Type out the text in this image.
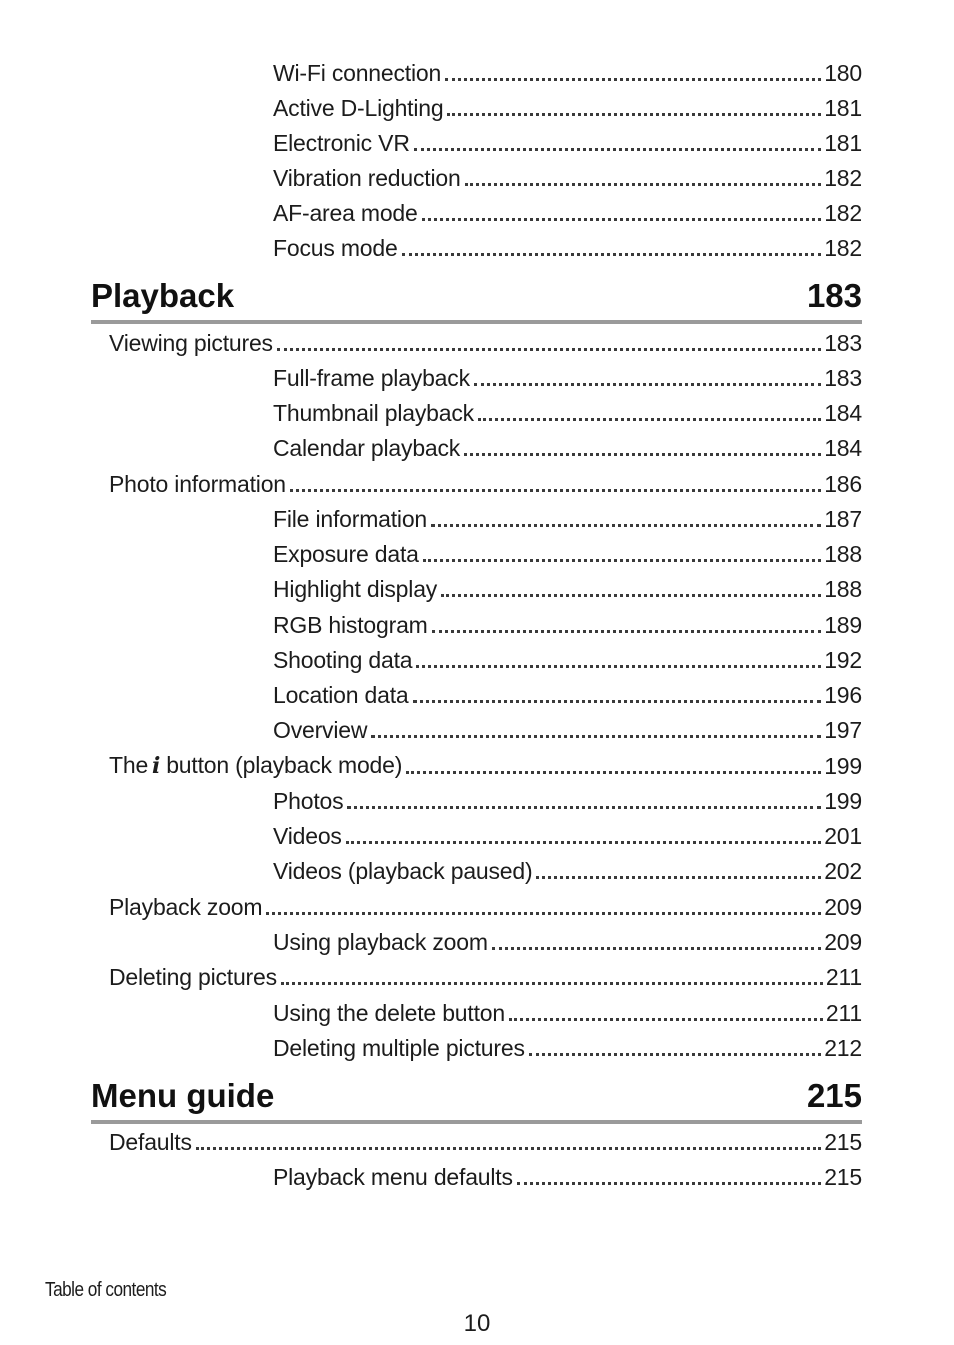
Wi-Fi connection	180
Active D-Lighting	181
Electronic VR	181
Vibration reduction	182
AF-area mode	182
Focus mode	182
Playback	183
Viewing pictures	183
Full-frame playback	183
Thumbnail playback	184
Calendar playback	184
Photo information	186
File information	187
Exposure data	188
Highlight display	188
RGB histogram	189
Shooting data	192
Location data	196
Overview	197
The i button (playback mode)	199
Photos	199
Videos	201
Videos (playback paused)	202
Playback zoom	209
Using playback zoom	209
Deleting pictures	211
Using the delete button	211
Deleting multiple pictures	212
Menu guide	215
Defaults	215
Playback menu defaults	215
Table of contents
10
